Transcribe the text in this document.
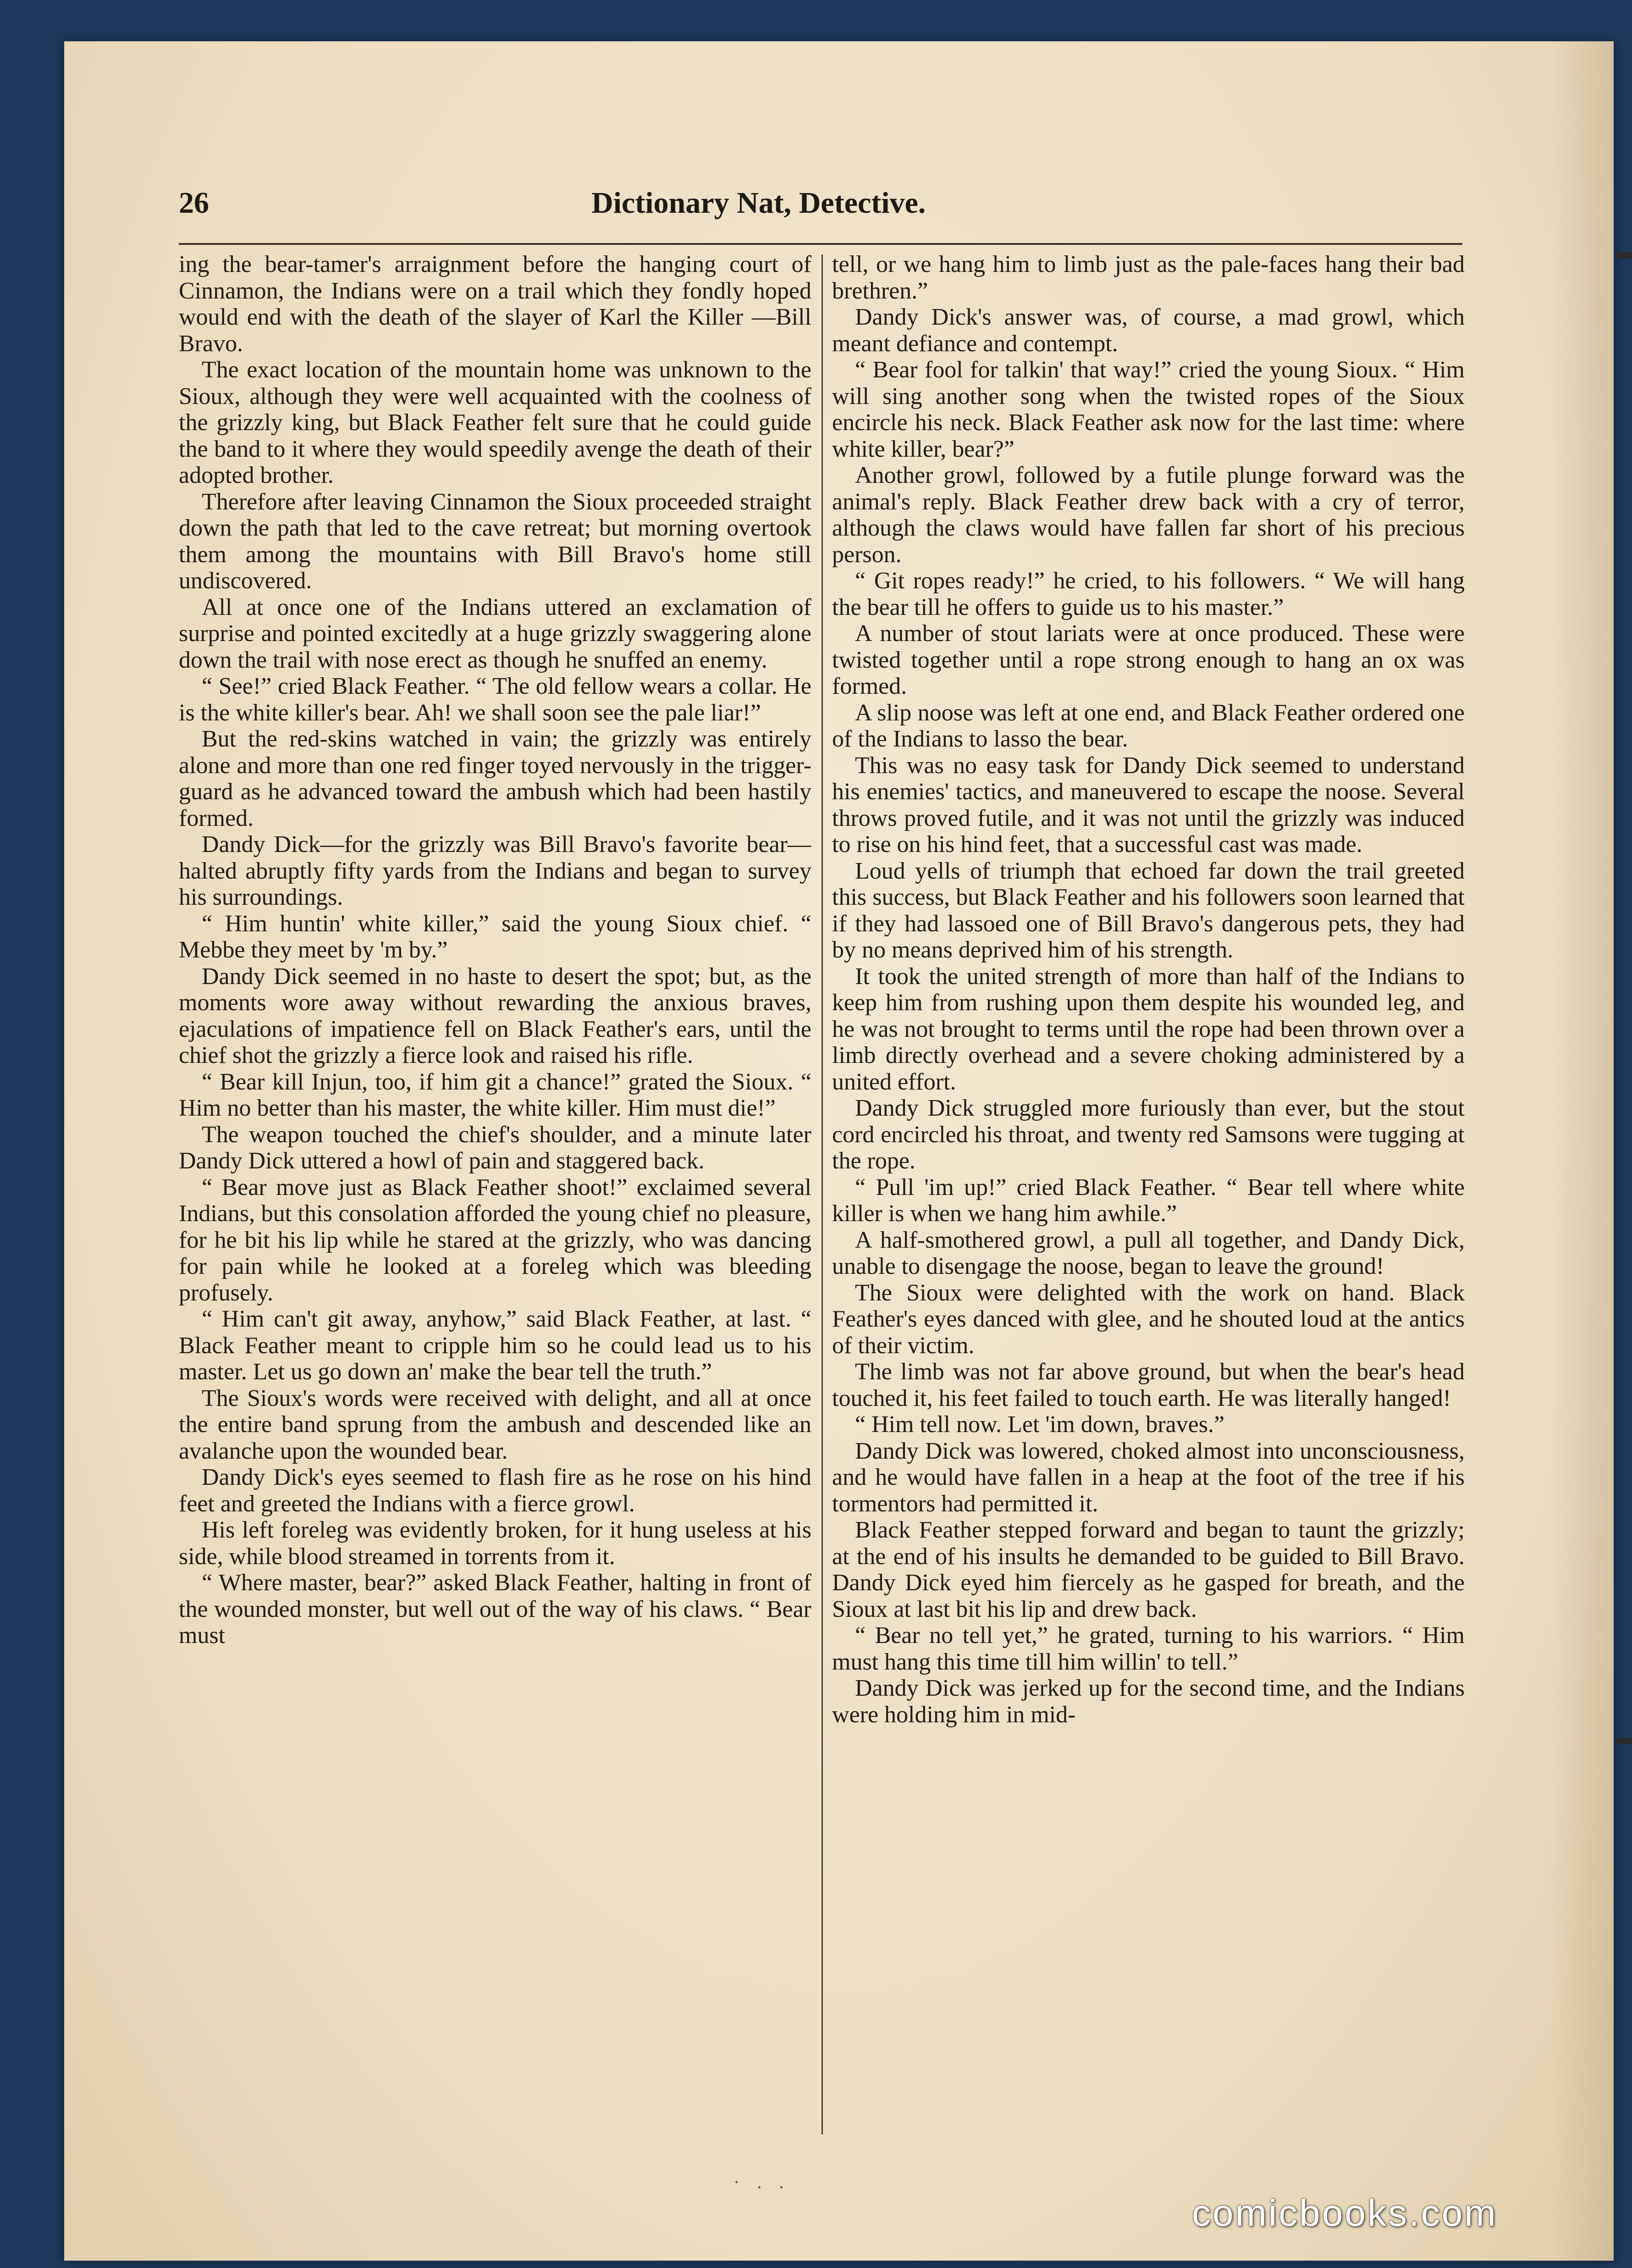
26	Dictionary Nat, Detective.

ing the bear-tamer's arraignment before the hanging court of Cinnamon, the Indians were on a trail which they fondly hoped would end with the death of the slayer of Karl the Killer —Bill Bravo.

The exact location of the mountain home was unknown to the Sioux, although they were well acquainted with the coolness of the grizzly king, but Black Feather felt sure that he could guide the band to it where they would speedily avenge the death of their adopted brother.

Therefore after leaving Cinnamon the Sioux proceeded straight down the path that led to the cave retreat; but morning overtook them among the mountains with Bill Bravo's home still undiscovered.

All at once one of the Indians uttered an exclamation of surprise and pointed excitedly at a huge grizzly swaggering alone down the trail with nose erect as though he snuffed an enemy.

“ See!” cried Black Feather. “ The old fellow wears a collar. He is the white killer's bear. Ah! we shall soon see the pale liar!”

But the red-skins watched in vain; the grizzly was entirely alone and more than one red finger toyed nervously in the trigger-guard as he advanced toward the ambush which had been hastily formed.

Dandy Dick—for the grizzly was Bill Bravo's favorite bear—halted abruptly fifty yards from the Indians and began to survey his surroundings.

“ Him huntin' white killer,” said the young Sioux chief. “ Mebbe they meet by 'm by.”

Dandy Dick seemed in no haste to desert the spot; but, as the moments wore away without rewarding the anxious braves, ejaculations of impatience fell on Black Feather's ears, until the chief shot the grizzly a fierce look and raised his rifle.

“ Bear kill Injun, too, if him git a chance!” grated the Sioux. “ Him no better than his master, the white killer. Him must die!”

The weapon touched the chief's shoulder, and a minute later Dandy Dick uttered a howl of pain and staggered back.

“ Bear move just as Black Feather shoot!” exclaimed several Indians, but this consolation afforded the young chief no pleasure, for he bit his lip while he stared at the grizzly, who was dancing for pain while he looked at a foreleg which was bleeding profusely.

“ Him can't git away, anyhow,” said Black Feather, at last. “ Black Feather meant to cripple him so he could lead us to his master. Let us go down an' make the bear tell the truth.”

The Sioux's words were received with delight, and all at once the entire band sprung from the ambush and descended like an avalanche upon the wounded bear.

Dandy Dick's eyes seemed to flash fire as he rose on his hind feet and greeted the Indians with a fierce growl.

His left foreleg was evidently broken, for it hung useless at his side, while blood streamed in torrents from it.

“ Where master, bear?” asked Black Feather, halting in front of the wounded monster, but well out of the way of his claws. “ Bear must

tell, or we hang him to limb just as the pale-faces hang their bad brethren.”

Dandy Dick's answer was, of course, a mad growl, which meant defiance and contempt.

“ Bear fool for talkin' that way!” cried the young Sioux. “ Him will sing another song when the twisted ropes of the Sioux encircle his neck. Black Feather ask now for the last time: where white killer, bear?”

Another growl, followed by a futile plunge forward was the animal's reply. Black Feather drew back with a cry of terror, although the claws would have fallen far short of his precious person.

“ Git ropes ready!” he cried, to his followers. “ We will hang the bear till he offers to guide us to his master.”

A number of stout lariats were at once produced. These were twisted together until a rope strong enough to hang an ox was formed.

A slip noose was left at one end, and Black Feather ordered one of the Indians to lasso the bear.

This was no easy task for Dandy Dick seemed to understand his enemies' tactics, and maneuvered to escape the noose. Several throws proved futile, and it was not until the grizzly was induced to rise on his hind feet, that a successful cast was made.

Loud yells of triumph that echoed far down the trail greeted this success, but Black Feather and his followers soon learned that if they had lassoed one of Bill Bravo's dangerous pets, they had by no means deprived him of his strength.

It took the united strength of more than half of the Indians to keep him from rushing upon them despite his wounded leg, and he was not brought to terms until the rope had been thrown over a limb directly overhead and a severe choking administered by a united effort.

Dandy Dick struggled more furiously than ever, but the stout cord encircled his throat, and twenty red Samsons were tugging at the rope.

“ Pull 'im up!” cried Black Feather. “ Bear tell where white killer is when we hang him awhile.”

A half-smothered growl, a pull all together, and Dandy Dick, unable to disengage the noose, began to leave the ground!

The Sioux were delighted with the work on hand. Black Feather's eyes danced with glee, and he shouted loud at the antics of their victim.

The limb was not far above ground, but when the bear's head touched it, his feet failed to touch earth. He was literally hanged!

“ Him tell now. Let 'im down, braves.”

Dandy Dick was lowered, choked almost into unconsciousness, and he would have fallen in a heap at the foot of the tree if his tormentors had permitted it.

Black Feather stepped forward and began to taunt the grizzly; at the end of his insults he demanded to be guided to Bill Bravo. Dandy Dick eyed him fiercely as he gasped for breath, and the Sioux at last bit his lip and drew back.

“ Bear no tell yet,” he grated, turning to his warriors. “ Him must hang this time till him willin' to tell.”

Dandy Dick was jerked up for the second time, and the Indians were holding him in mid-

· . .
comicbooks.com
